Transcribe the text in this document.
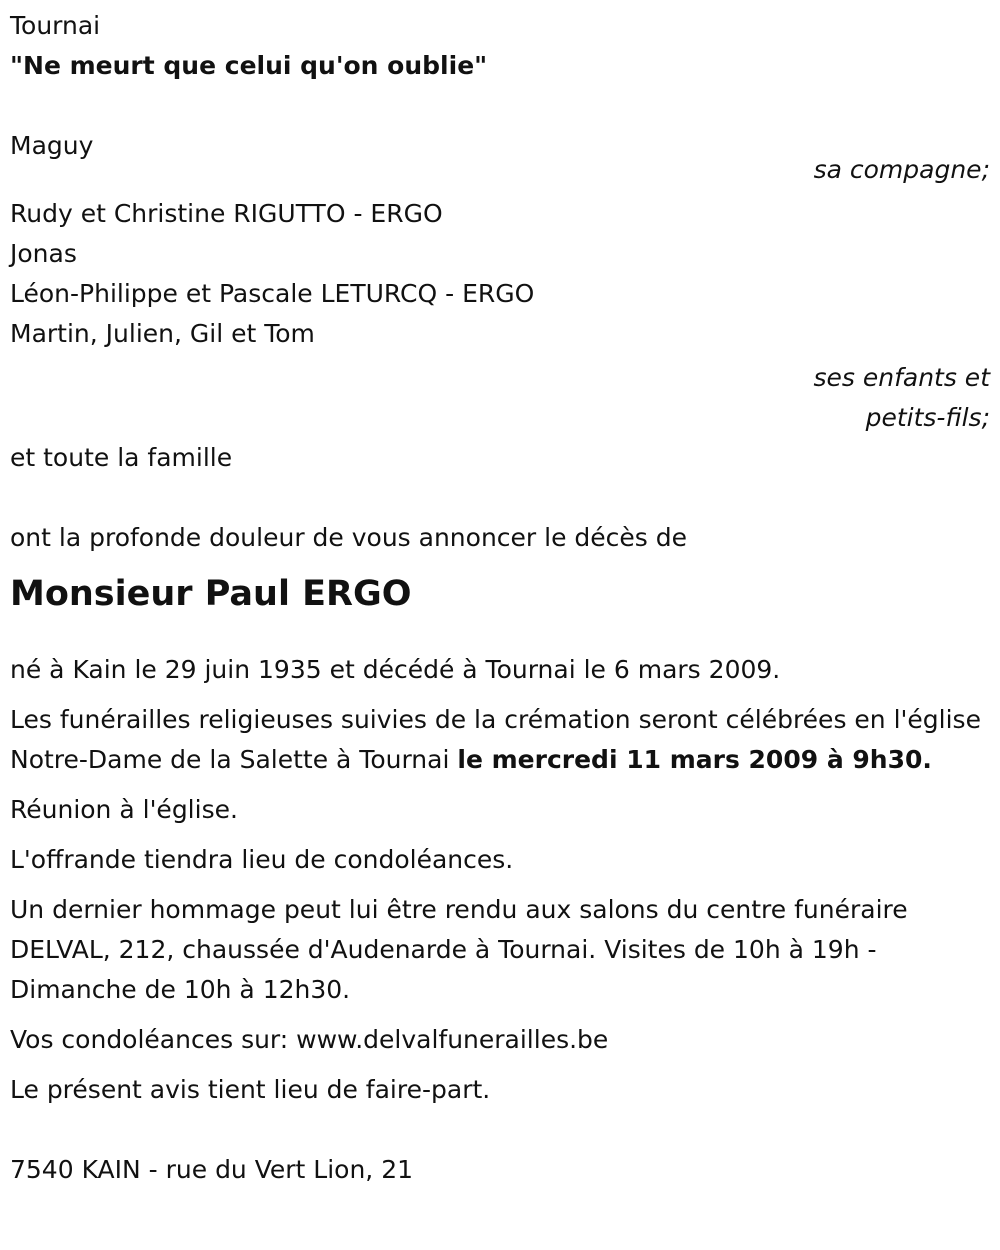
Tournai
"Ne meurt que celui qu'on oublie"
Maguy
sa compagne;
Rudy et Christine RIGUTTO - ERGO
Jonas
Léon-Philippe et Pascale LETURCQ - ERGO
Martin, Julien, Gil et Tom
ses enfants et
petits-fils;
et toute la famille
ont la profonde douleur de vous annoncer le décès de
Monsieur Paul ERGO
né à Kain le 29 juin 1935 et décédé à Tournai le 6 mars 2009.
Les funérailles religieuses suivies de la crémation seront célébrées en l'église Notre-Dame de la Salette à Tournai le mercredi 11 mars 2009 à 9h30.
Réunion à l'église.
L'offrande tiendra lieu de condoléances.
Un dernier hommage peut lui être rendu aux salons du centre funéraire DELVAL, 212, chaussée d'Audenarde à Tournai. Visites de 10h à 19h - Dimanche de 10h à 12h30.
Vos condoléances sur: www.delvalfunerailles.be
Le présent avis tient lieu de faire-part.
7540 KAIN - rue du Vert Lion, 21
